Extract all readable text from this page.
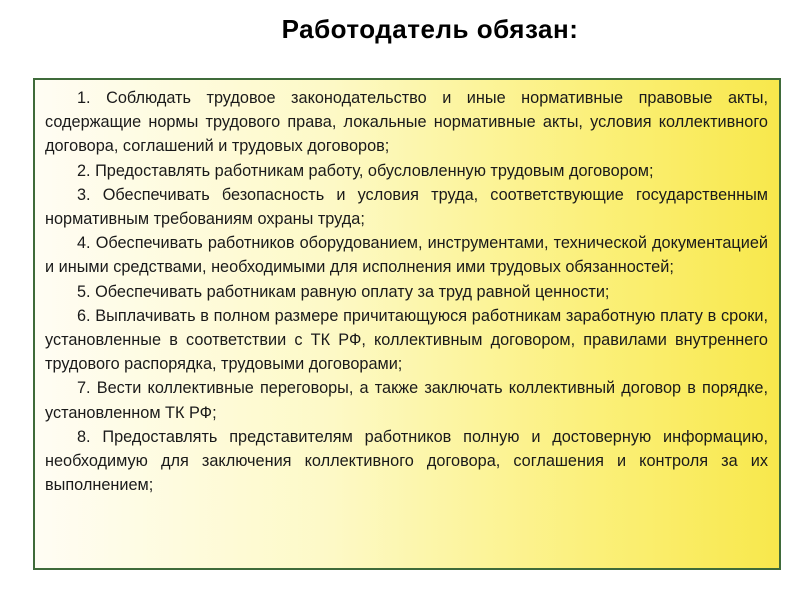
Работодатель обязан:
1. Соблюдать трудовое законодательство и иные нормативные правовые акты, содержащие нормы трудового права, локальные нормативные акты, условия коллективного договора, соглашений и трудовых договоров;
2. Предоставлять работникам работу, обусловленную трудовым договором;
3. Обеспечивать безопасность и условия труда, соответствующие государственным нормативным требованиям охраны труда;
4. Обеспечивать работников оборудованием, инструментами, технической документацией и иными средствами, необходимыми для исполнения ими трудовых обязанностей;
5. Обеспечивать работникам равную оплату за труд равной ценности;
6. Выплачивать в полном размере причитающуюся работникам заработную плату в сроки, установленные в соответствии с ТК РФ, коллективным договором, правилами внутреннего трудового распорядка, трудовыми договорами;
7. Вести коллективные переговоры, а также заключать коллективный договор в порядке, установленном ТК РФ;
8. Предоставлять представителям работников полную и достоверную информацию, необходимую для заключения коллективного договора, соглашения и контроля за их выполнением;
